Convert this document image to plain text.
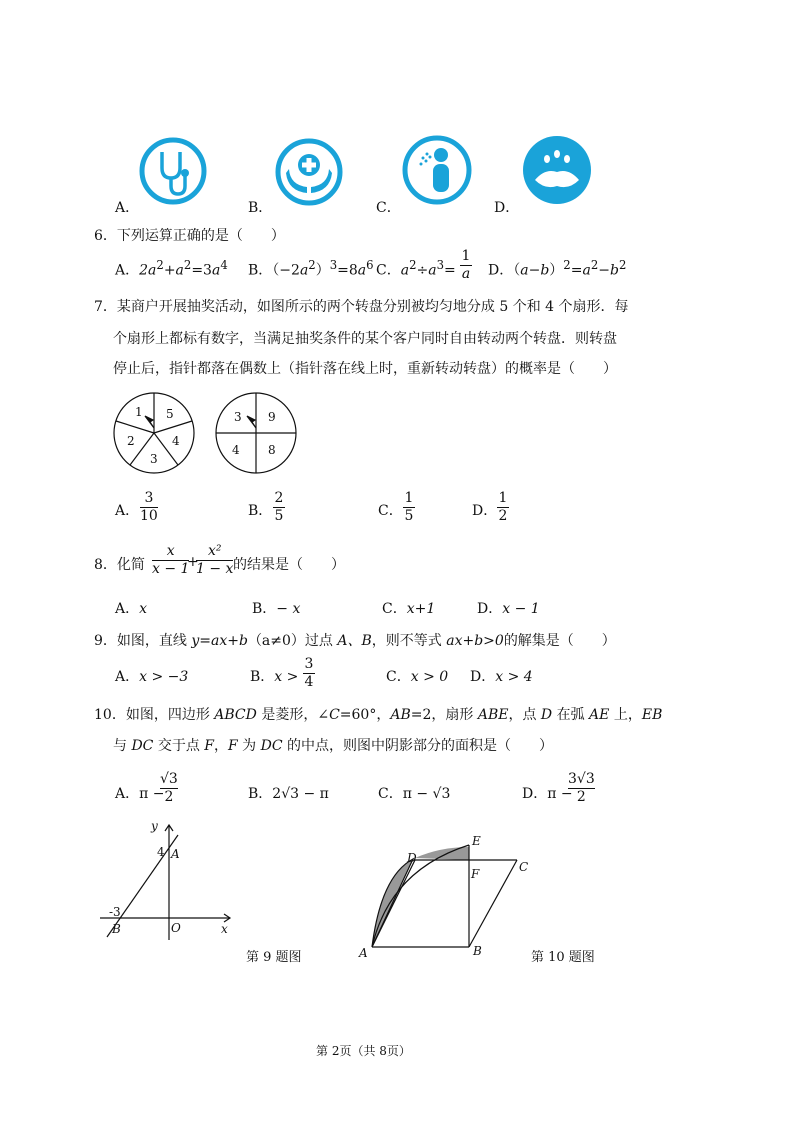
A．	B．	C．	D．
6．下列运算正确的是（　　）
A．$2a^2+a^2=3a^4$ B．$(-2a^2)^3=8a^6$ C．$a^2\div a^3=$
1
a D．$(a-b)^2=a^2-b^2$
7．某商户开展抽奖活动，如图所示的两个转盘分别被均匀地分成 5 个和 4 个扇形．每
个扇形上都标有数字，当满足抽奖条件的某个客户同时自由转动两个转盘．则转盘
停止后，指针都落在偶数上（指针落在线上时，重新转动转盘）的概率是（　　）
1 5
4
3
2
3 9
8
4
A．
3
10	B．
2
5	C．
1
5	D．
1
2
8．化简
x
x − 1
+
x²
1 − x 的结果是（　　）
A．x	B．− x	C．x+1	D．x − 1
9．如图，直线 y=ax+b（a≠0）过点 A、B，则不等式 ax+b>0的解集是（　　）
A．x > −3	B．x >
3
4	C．x > 0 D．x > 4
10．如图，四边形 ABCD 是菱形，∠C=60°，AB=2，扇形 ABE，点 D 在弧 AE 上，EB
与 DC 交于点 F，F 为 DC 的中点，则图中阴影部分的面积是（　　）
A．π −
√3
2	B．2√3 − π	C．π − √3	D．π −
3√3
2
y
x
O
A
4
-3
B
第 9 题图	A	B
C
D
E
F
第 10 题图
第 2页（共 8页）
